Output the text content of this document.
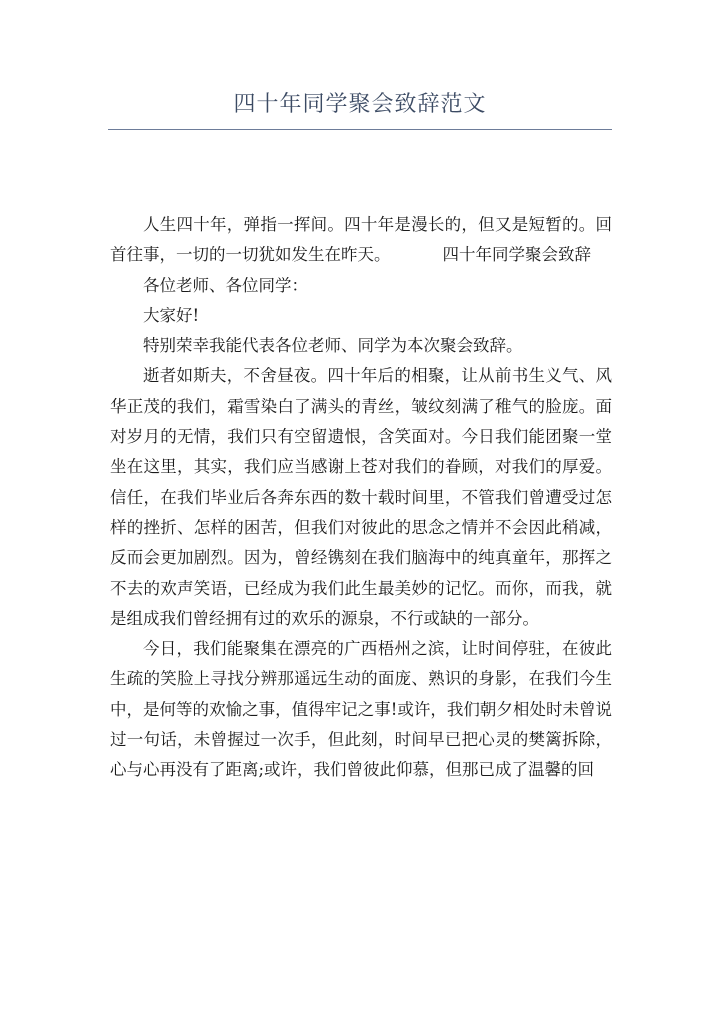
四十年同学聚会致辞范文

人生四十年，弹指一挥间。四十年是漫长的，但又是短暂的。回首往事，一切的一切犹如发生在昨天。	四十年同学聚会致辞

各位老师、各位同学：

大家好!

特别荣幸我能代表各位老师、同学为本次聚会致辞。

逝者如斯夫，不舍昼夜。四十年后的相聚，让从前书生义气、风华正茂的我们，霜雪染白了满头的青丝，皱纹刻满了稚气的脸庞。面对岁月的无情，我们只有空留遗恨，含笑面对。今日我们能团聚一堂坐在这里，其实，我们应当感谢上苍对我们的眷顾，对我们的厚爱。信任，在我们毕业后各奔东西的数十载时间里，不管我们曾遭受过怎样的挫折、怎样的困苦，但我们对彼此的思念之情并不会因此稍减，反而会更加剧烈。因为，曾经镌刻在我们脑海中的纯真童年，那挥之不去的欢声笑语，已经成为我们此生最美妙的记忆。而你，而我，就是组成我们曾经拥有过的欢乐的源泉，不行或缺的一部分。

今日，我们能聚集在漂亮的广西梧州之滨，让时间停驻，在彼此生疏的笑脸上寻找分辨那遥远生动的面庞、熟识的身影，在我们今生中，是何等的欢愉之事，值得牢记之事!或许，我们朝夕相处时未曾说过一句话，未曾握过一次手，但此刻，时间早已把心灵的樊篱拆除，心与心再没有了距离;或许，我们曾彼此仰慕，但那已成了温馨的回
